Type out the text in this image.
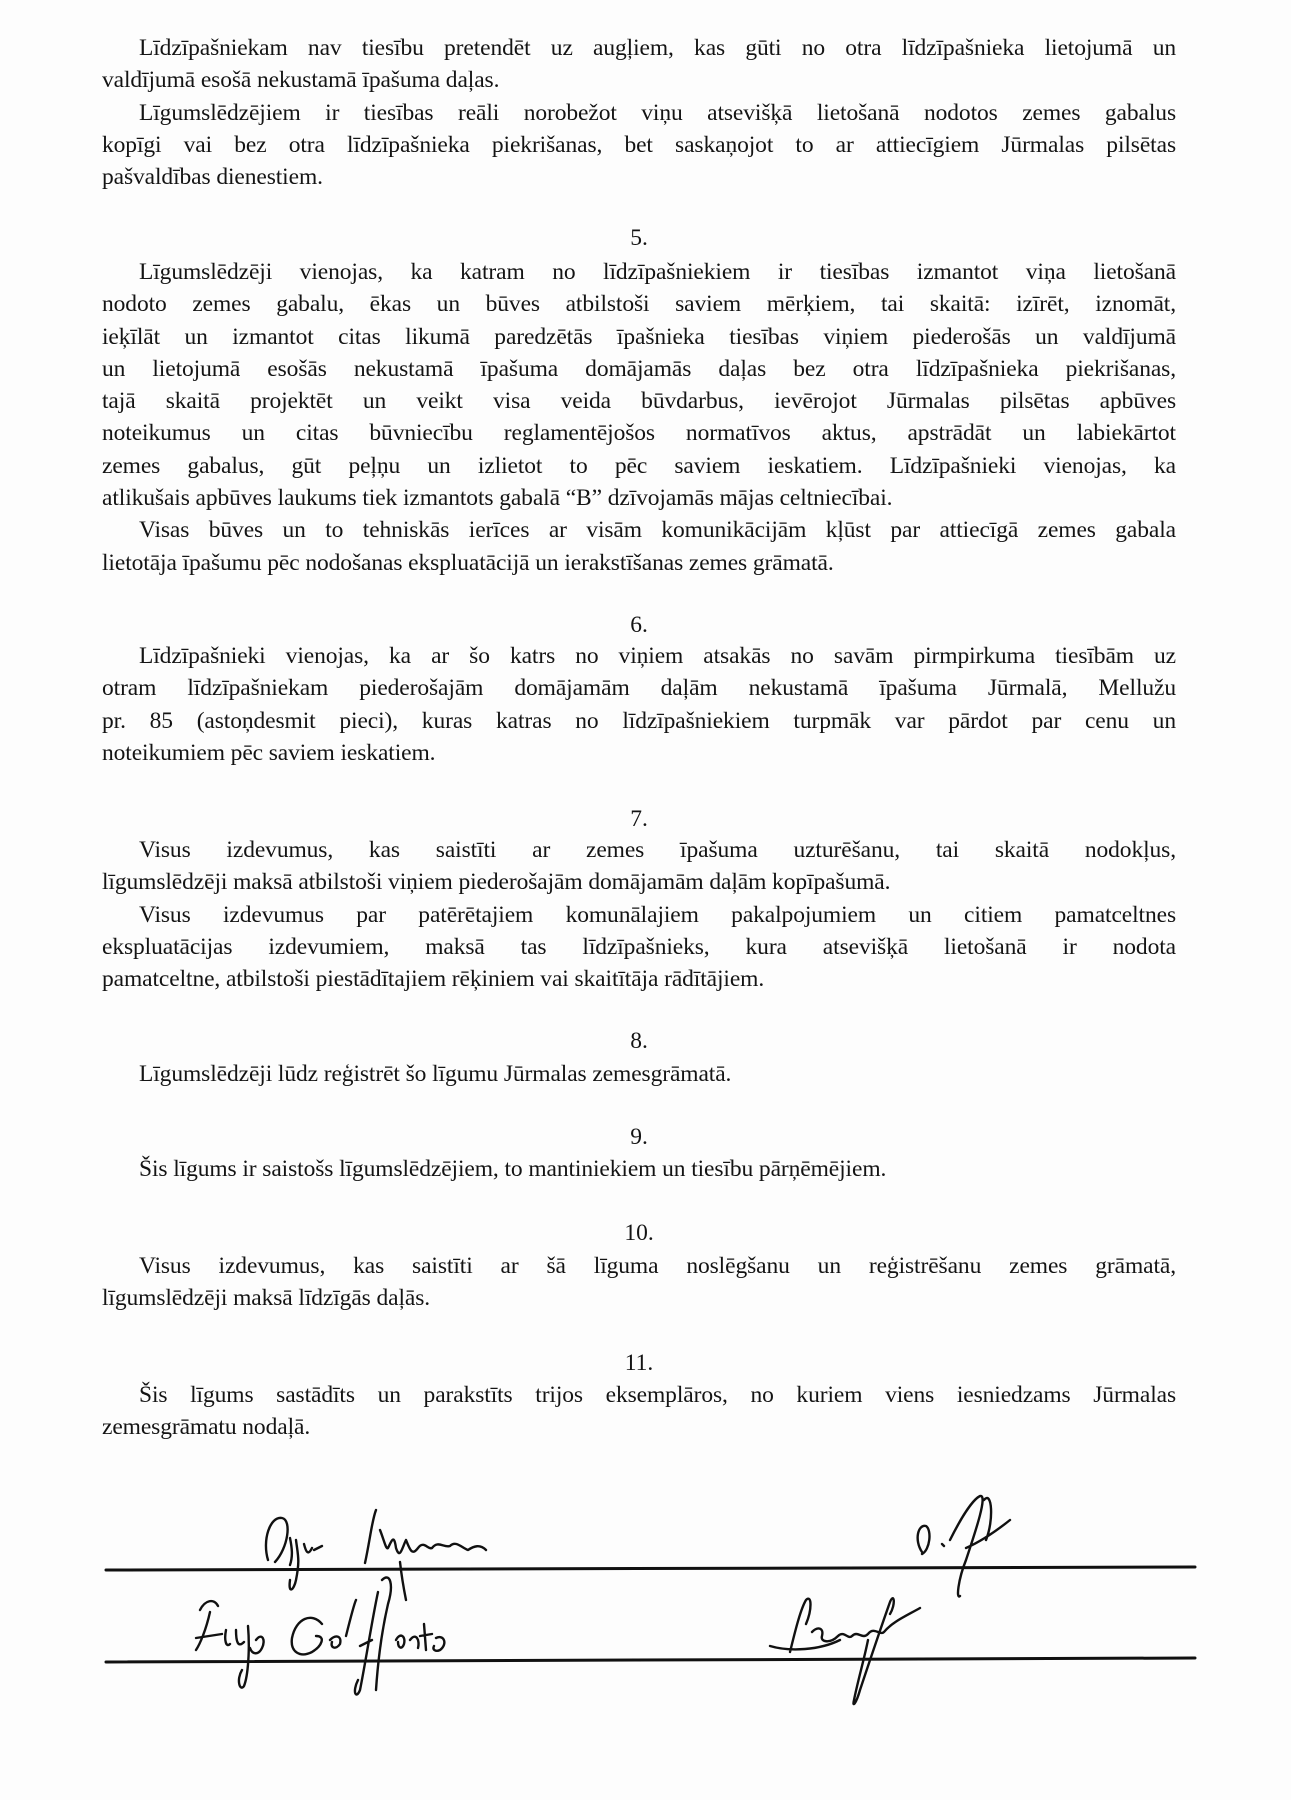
Līdzīpašniekam nav tiesību pretendēt uz augļiem, kas gūti no otra līdzīpašnieka lietojumā un
valdījumā esošā nekustamā īpašuma daļas.
Līgumslēdzējiem ir tiesības reāli norobežot viņu atsevišķā lietošanā nodotos zemes gabalus
kopīgi vai bez otra līdzīpašnieka piekrišanas, bet saskaņojot to ar attiecīgiem Jūrmalas pilsētas
pašvaldības dienestiem.
5.
Līgumslēdzēji vienojas, ka katram no līdzīpašniekiem ir tiesības izmantot viņa lietošanā
nodoto zemes gabalu, ēkas un būves atbilstoši saviem mērķiem, tai skaitā: izīrēt, iznomāt,
ieķīlāt un izmantot citas likumā paredzētās īpašnieka tiesības viņiem piederošās un valdījumā
un lietojumā esošās nekustamā īpašuma domājamās daļas bez otra līdzīpašnieka piekrišanas,
tajā skaitā projektēt un veikt visa veida būvdarbus, ievērojot Jūrmalas pilsētas apbūves
noteikumus un citas būvniecību reglamentējošos normatīvos aktus, apstrādāt un labiekārtot
zemes gabalus, gūt peļņu un izlietot to pēc saviem ieskatiem. Līdzīpašnieki vienojas, ka
atlikušais apbūves laukums tiek izmantots gabalā “B” dzīvojamās mājas celtniecībai.
Visas būves un to tehniskās ierīces ar visām komunikācijām kļūst par attiecīgā zemes gabala
lietotāja īpašumu pēc nodošanas ekspluatācijā un ierakstīšanas zemes grāmatā.
6.
Līdzīpašnieki vienojas, ka ar šo katrs no viņiem atsakās no savām pirmpirkuma tiesībām uz
otram līdzīpašniekam piederošajām domājamām daļām nekustamā īpašuma Jūrmalā, Mellužu
pr. 85 (astoņdesmit pieci), kuras katras no līdzīpašniekiem turpmāk var pārdot par cenu un
noteikumiem pēc saviem ieskatiem.
7.
Visus izdevumus, kas saistīti ar zemes īpašuma uzturēšanu, tai skaitā nodokļus,
līgumslēdzēji maksā atbilstoši viņiem piederošajām domājamām daļām kopīpašumā.
Visus izdevumus par patērētajiem komunālajiem pakalpojumiem un citiem pamatceltnes
ekspluatācijas izdevumiem, maksā tas līdzīpašnieks, kura atsevišķā lietošanā ir nodota
pamatceltne, atbilstoši piestādītajiem rēķiniem vai skaitītāja rādītājiem.
8.
Līgumslēdzēji lūdz reģistrēt šo līgumu Jūrmalas zemesgrāmatā.
9.
Šis līgums ir saistošs līgumslēdzējiem, to mantiniekiem un tiesību pārņēmējiem.
10.
Visus izdevumus, kas saistīti ar šā līguma noslēgšanu un reģistrēšanu zemes grāmatā,
līgumslēdzēji maksā līdzīgās daļās.
11.
Šis līgums sastādīts un parakstīts trijos eksemplāros, no kuriem viens iesniedzams Jūrmalas
zemesgrāmatu nodaļā.
